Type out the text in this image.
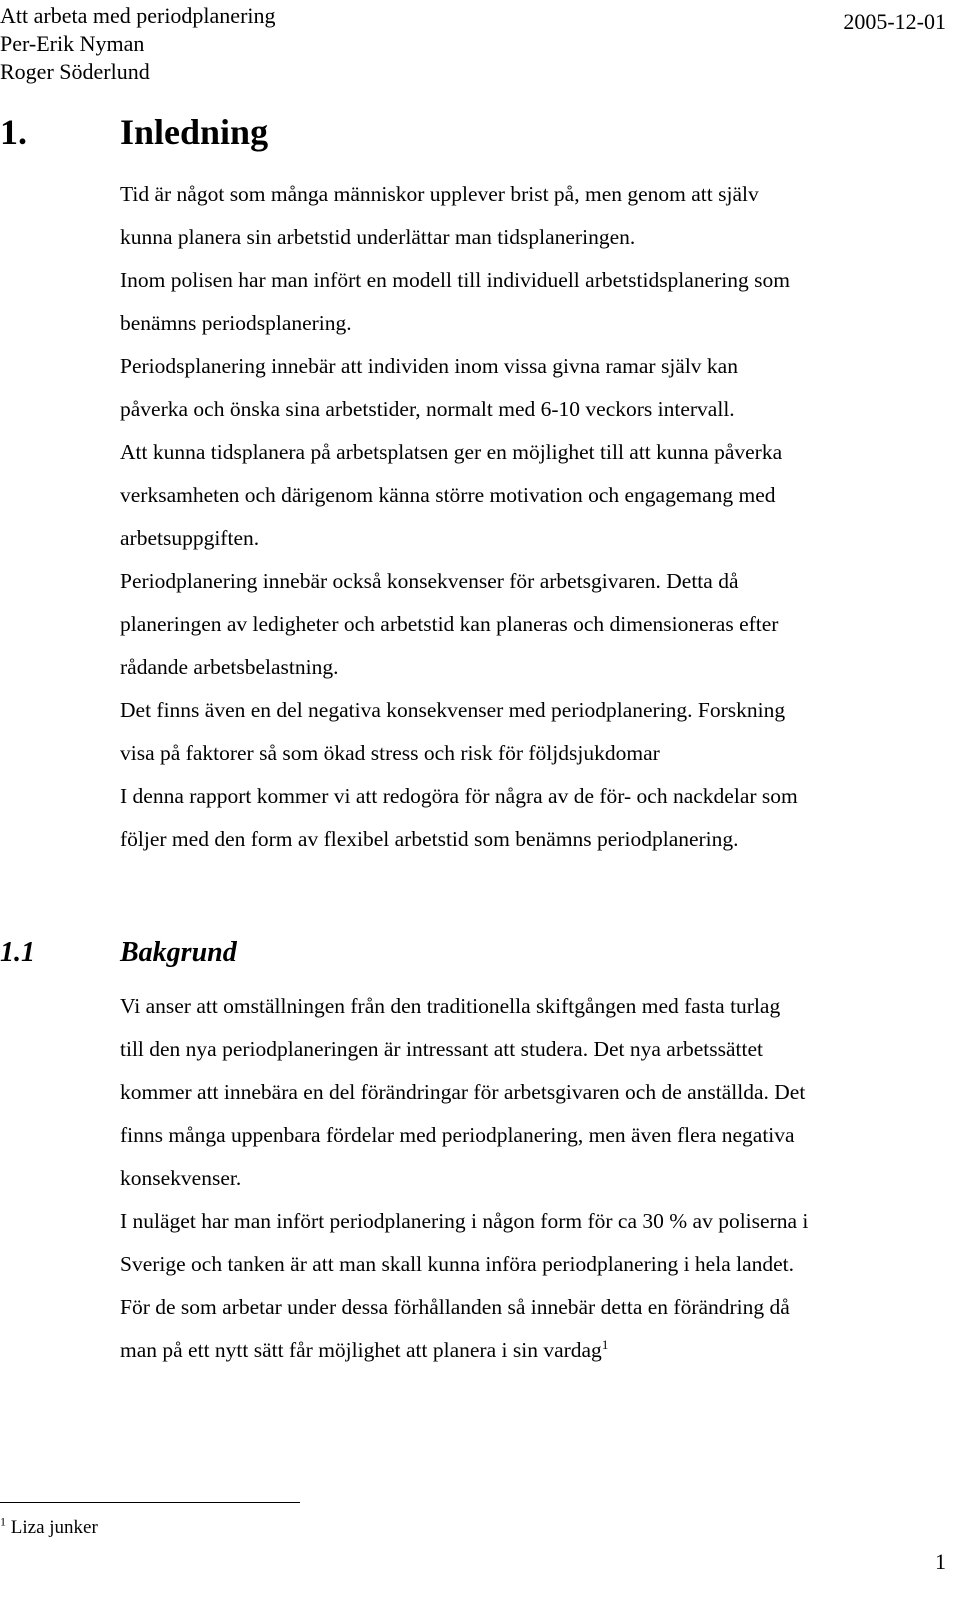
Att arbeta med periodplanering
Per-Erik Nyman
Roger Söderlund
2005-12-01
1.	Inledning
Tid är något som många människor upplever brist på, men genom att själv
kunna planera sin arbetstid underlättar man tidsplaneringen.
Inom polisen har man infört en modell till individuell arbetstidsplanering som
benämns periodsplanering.
Periodsplanering innebär att individen inom vissa givna ramar själv kan
påverka och önska sina arbetstider, normalt med 6-10 veckors intervall.
Att kunna tidsplanera på arbetsplatsen ger en möjlighet till att kunna påverka
verksamheten och därigenom känna större motivation och engagemang med
arbetsuppgiften.
Periodplanering innebär också konsekvenser för arbetsgivaren. Detta då
planeringen av ledigheter och arbetstid kan planeras och dimensioneras efter
rådande arbetsbelastning.
Det finns även en del negativa konsekvenser med periodplanering. Forskning
visa på faktorer så som ökad stress och risk för följdsjukdomar
I denna rapport kommer vi att redogöra för några av de för- och nackdelar som
följer med den form av flexibel arbetstid som benämns periodplanering.
1.1	Bakgrund
Vi anser att omställningen från den traditionella skiftgången med fasta turlag
till den nya periodplaneringen är intressant att studera. Det nya arbetssättet
kommer att innebära en del förändringar för arbetsgivaren och de anställda. Det
finns många uppenbara fördelar med periodplanering, men även flera negativa
konsekvenser.
I nuläget har man infört periodplanering i någon form för ca 30 % av poliserna i
Sverige och tanken är att man skall kunna införa periodplanering i hela landet.
För de som arbetar under dessa förhållanden så innebär detta en förändring då
man på ett nytt sätt får möjlighet att planera i sin vardag$^1$
$^1$ Liza junker
1
